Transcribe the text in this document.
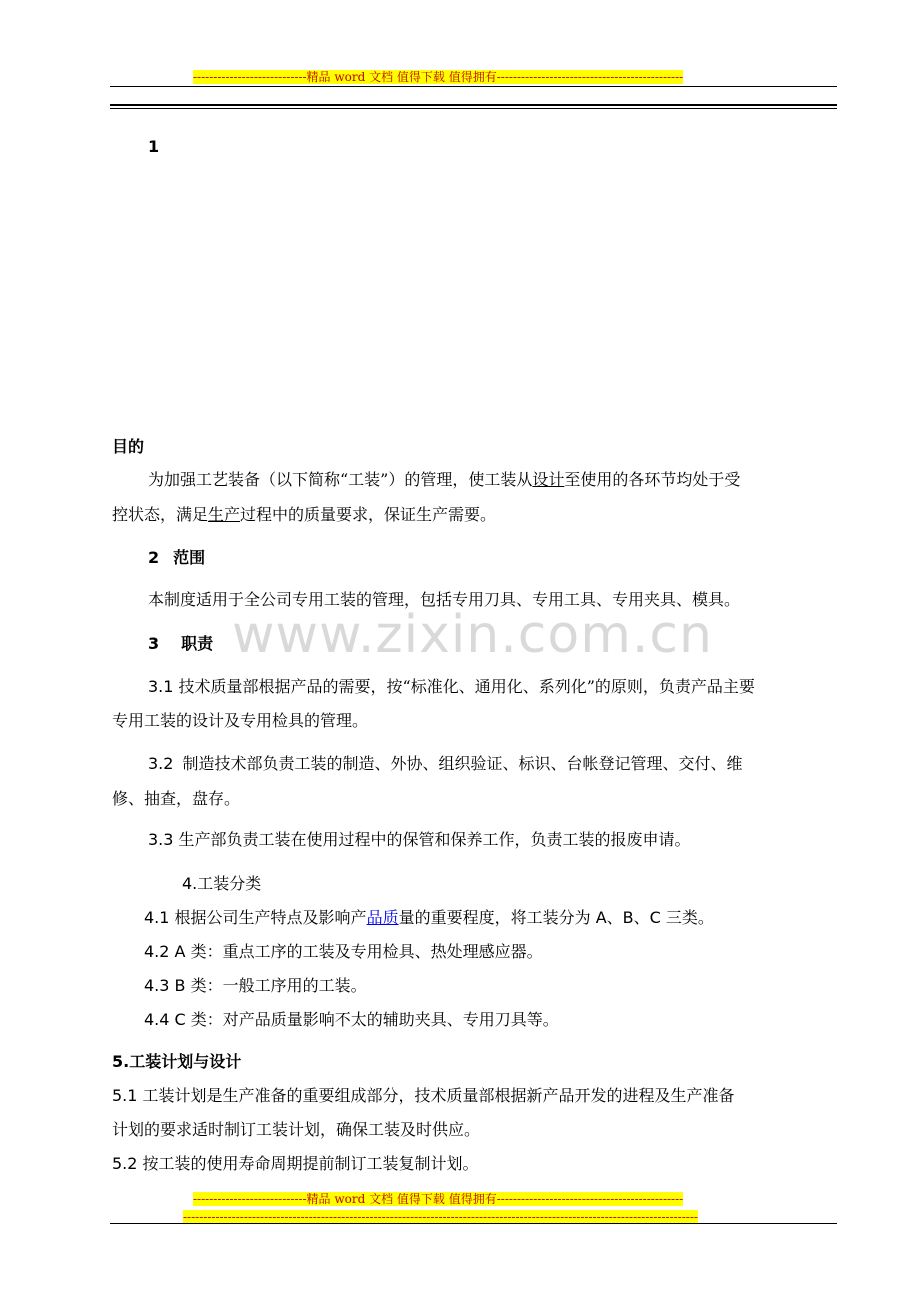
----------------------------精品 word 文档 值得下载 值得拥有----------------------------------------------
www.zixin.com.cn
1
目的
为加强工艺装备（以下简称“工装”）的管理，使工装从设计至使用的各环节均处于受
控状态，满足生产过程中的质量要求，保证生产需要。
2 范围
本制度适用于全公司专用工装的管理，包括专用刀具、专用工具、专用夹具、模具。
3 职责
3.1 技术质量部根据产品的需要，按“标准化、通用化、系列化”的原则，负责产品主要
专用工装的设计及专用检具的管理。
3.2 制造技术部负责工装的制造、外协、组织验证、标识、台帐登记管理、交付、维
修、抽查，盘存。
3.3 生产部负责工装在使用过程中的保管和保养工作，负责工装的报废申请。
4.工装分类
4.1 根据公司生产特点及影响产品质量的重要程度，将工装分为 A、B、C 三类。
4.2 A 类：重点工序的工装及专用检具、热处理感应器。
4.3 B 类：一般工序用的工装。
4.4 C 类：对产品质量影响不太的辅助夹具、专用刀具等。
5.工装计划与设计
5.1 工装计划是生产准备的重要组成部分，技术质量部根据新产品开发的进程及生产准备
计划的要求适时制订工装计划，确保工装及时供应。
5.2 按工装的使用寿命周期提前制订工装复制计划。
----------------------------精品 word 文档 值得下载 值得拥有----------------------------------------------
-------------------------------------------------------------------------------------------------------------------------------
